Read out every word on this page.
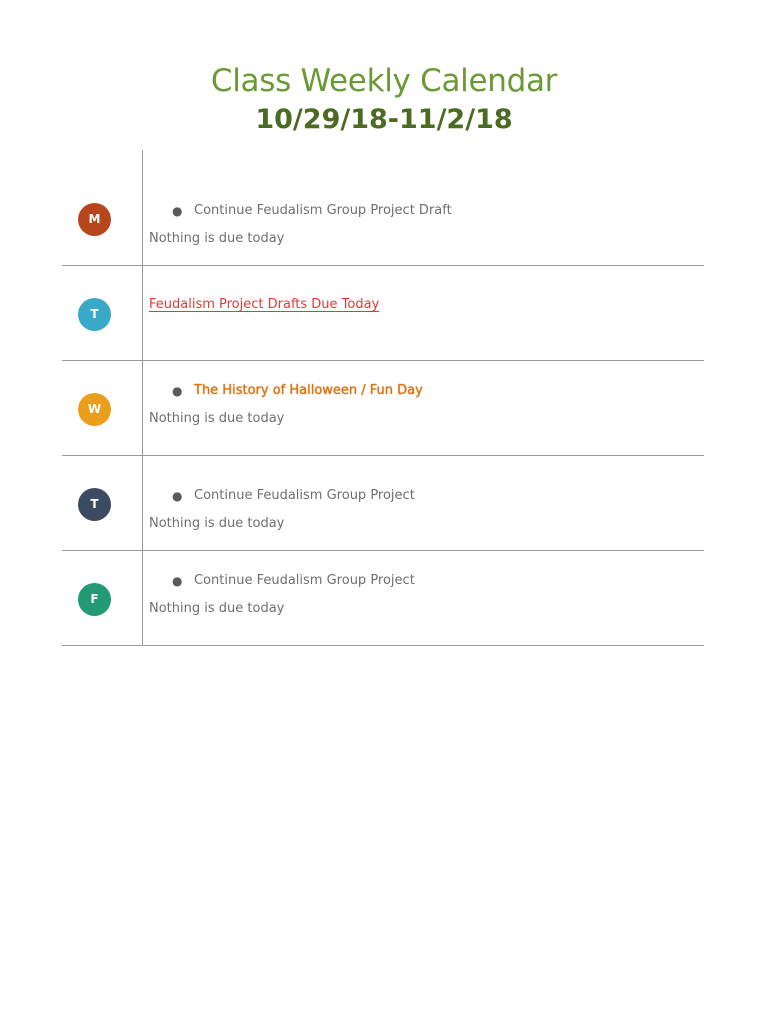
Class Weekly Calendar
10/29/18-11/2/18
M
● Continue Feudalism Group Project Draft
Nothing is due today
T
Feudalism Project Drafts Due Today
W
● The History of Halloween / Fun Day
Nothing is due today
T
● Continue Feudalism Group Project
Nothing is due today
F
● Continue Feudalism Group Project
Nothing is due today
